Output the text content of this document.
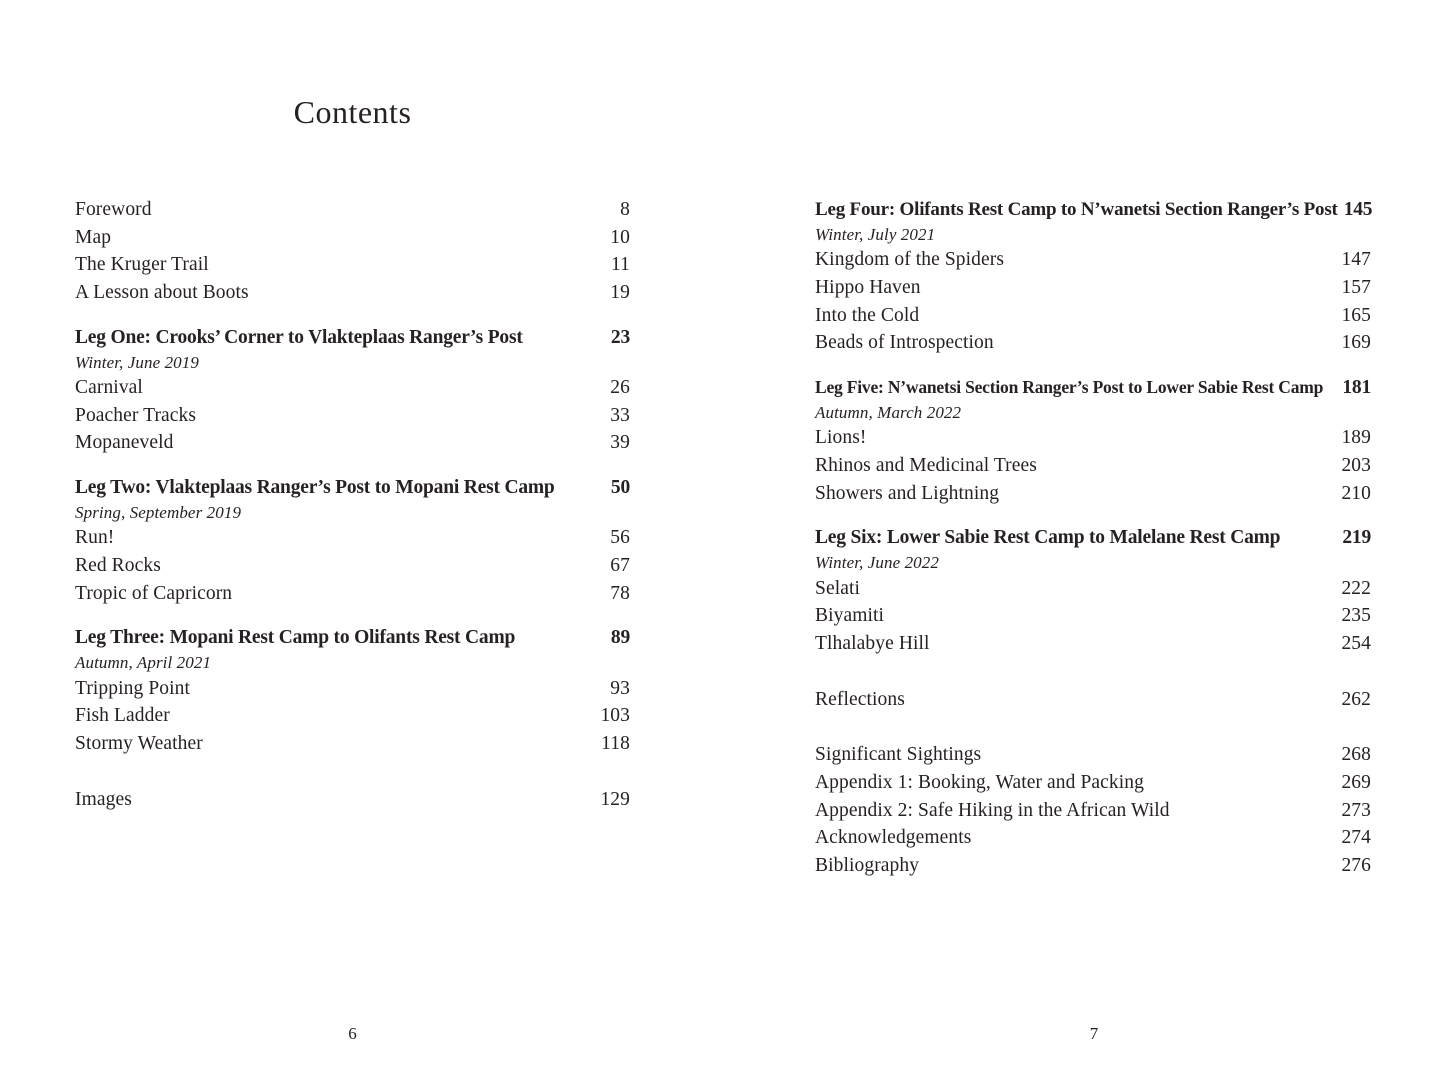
Contents
Foreword	8
Map	10
The Kruger Trail	11
A Lesson about Boots	19
Leg One: Crooks’ Corner to Vlakteplaas Ranger’s Post	23
Winter, June 2019
Carnival	26
Poacher Tracks	33
Mopaneveld	39
Leg Two: Vlakteplaas Ranger’s Post to Mopani Rest Camp	50
Spring, September 2019
Run!	56
Red Rocks	67
Tropic of Capricorn	78
Leg Three: Mopani Rest Camp to Olifants Rest Camp	89
Autumn, April 2021
Tripping Point	93
Fish Ladder	103
Stormy Weather	118
Images	129
Leg Four: Olifants Rest Camp to N’wanetsi Section Ranger’s Post 145
Winter, July 2021
Kingdom of the Spiders	147
Hippo Haven	157
Into the Cold	165
Beads of Introspection	169
Leg Five: N’wanetsi Section Ranger’s Post to Lower Sabie Rest Camp 181
Autumn, March 2022
Lions!	189
Rhinos and Medicinal Trees	203
Showers and Lightning	210
Leg Six: Lower Sabie Rest Camp to Malelane Rest Camp	219
Winter, June 2022
Selati	222
Biyamiti	235
Tlhalabye Hill	254
Reflections	262
Significant Sightings	268
Appendix 1: Booking, Water and Packing	269
Appendix 2: Safe Hiking in the African Wild	273
Acknowledgements	274
Bibliography	276
6	7
